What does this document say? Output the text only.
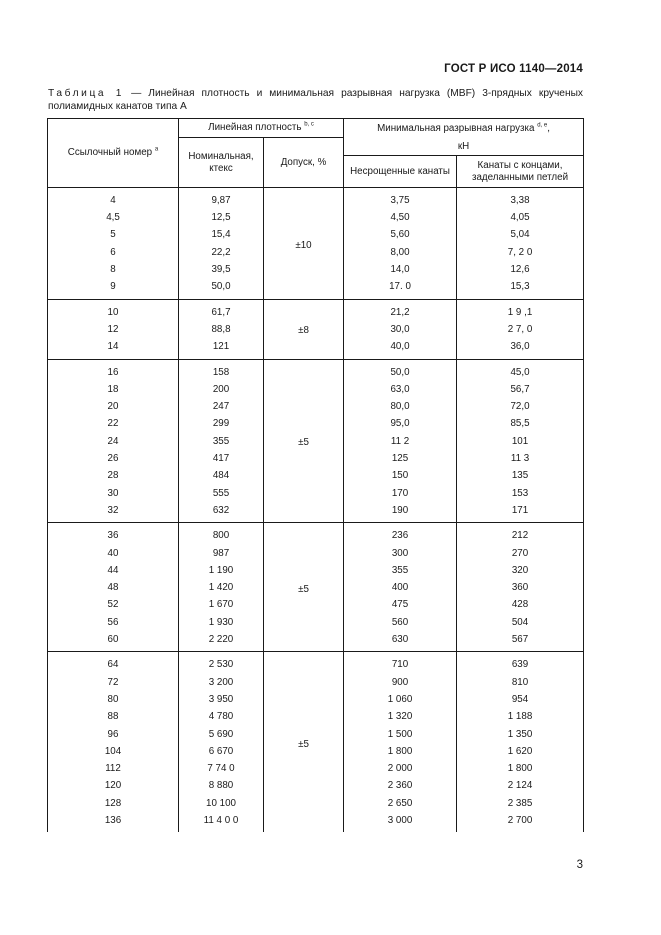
ГОСТ Р ИСО 1140—2014
Таблица 1 — Линейная плотность и минимальная разрывная нагрузка (MBF) 3-прядных крученых полиамидных канатов типа А
Ссылочный номер $^a$	Линейная плотность $^{b, c}$		Минимальная разрывная нагрузка $^{d, e}$,	
	Номинальная, ктекс	Допуск, %	кН	
			Несрощенные канаты	Канаты с концами, заделанными петлей
4	9,87	±10	3,75	3,38
4,5	12,5		4,50	4,05
5	15,4		5,60	5,04
6	22,2		8,00	7, 2 0
8	39,5		14,0	12,6
9	50,0		17. 0	15,3
10	61,7	±8	21,2	1 9 ,1
12	88,8		30,0	2 7, 0
14	121		40,0	36,0
16	158	±5	50,0	45,0
18	200		63,0	56,7
20	247		80,0	72,0
22	299		95,0	85,5
24	355		11 2	101
26	417		125	11 3
28	484		150	135
30	555		170	153
32	632		190	171
36	800	±5	236	212
40	987		300	270
44	1 190		355	320
48	1 420		400	360
52	1 670		475	428
56	1 930		560	504
60	2 220		630	567
64	2 530	±5	710	639
72	3 200		900	810
80	3 950		1 060	954
88	4 780		1 320	1 188
96	5 690		1 500	1 350
104	6 670		1 800	1 620
112	7 74 0		2 000	1 800
120	8 880		2 360	2 124
128	10 100		2 650	2 385
136	11 4 0 0		3 000	2 700
3
